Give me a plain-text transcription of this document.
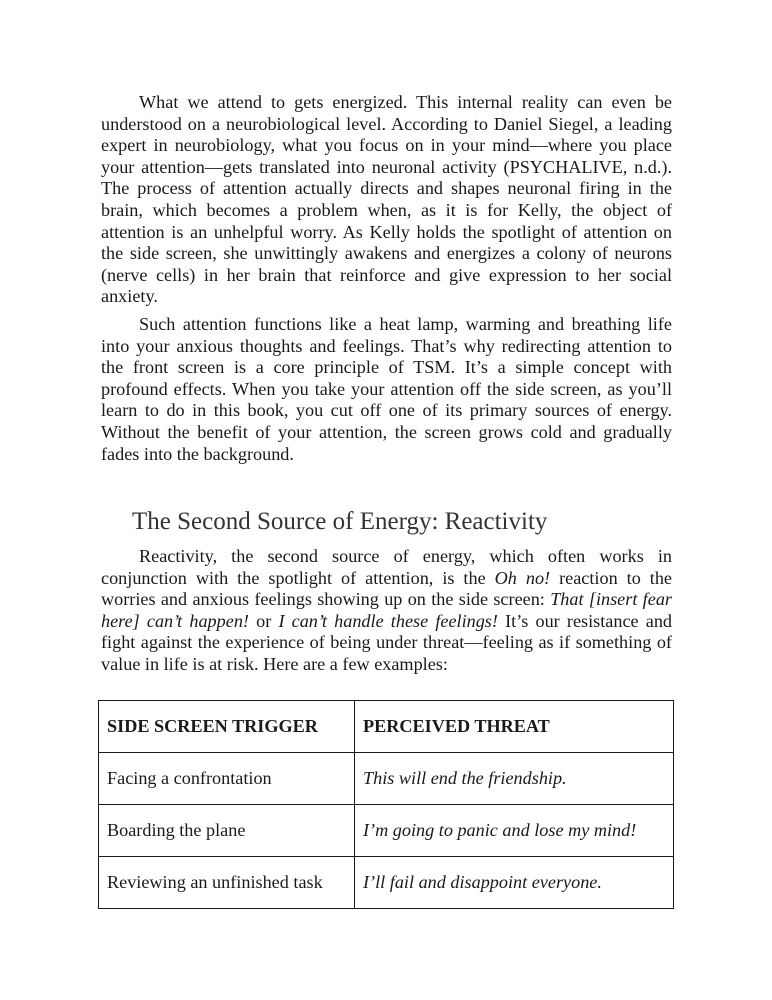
What we attend to gets energized. This internal reality can even be understood on a neurobiological level. According to Daniel Siegel, a leading expert in neurobiology, what you focus on in your mind—where you place your attention—gets translated into neuronal activity (PSYCHALIVE, n.d.). The process of attention actually directs and shapes neuronal firing in the brain, which becomes a problem when, as it is for Kelly, the object of attention is an unhelpful worry. As Kelly holds the spotlight of attention on the side screen, she unwittingly awakens and energizes a colony of neurons (nerve cells) in her brain that reinforce and give expression to her social anxiety.

Such attention functions like a heat lamp, warming and breathing life into your anxious thoughts and feelings. That’s why redirecting attention to the front screen is a core principle of TSM. It’s a simple concept with profound effects. When you take your attention off the side screen, as you’ll learn to do in this book, you cut off one of its primary sources of energy. Without the benefit of your attention, the screen grows cold and gradually fades into the background.

The Second Source of Energy: Reactivity

Reactivity, the second source of energy, which often works in conjunction with the spotlight of attention, is the Oh no! reaction to the worries and anxious feelings showing up on the side screen: That [insert fear here] can’t happen! or I can’t handle these feelings! It’s our resistance and fight against the experience of being under threat—feeling as if something of value in life is at risk. Here are a few examples:

SIDE SCREEN TRIGGER	PERCEIVED THREAT
Facing a confrontation	This will end the friendship.
Boarding the plane	I’m going to panic and lose my mind!
Reviewing an unfinished task	I’ll fail and disappoint everyone.
